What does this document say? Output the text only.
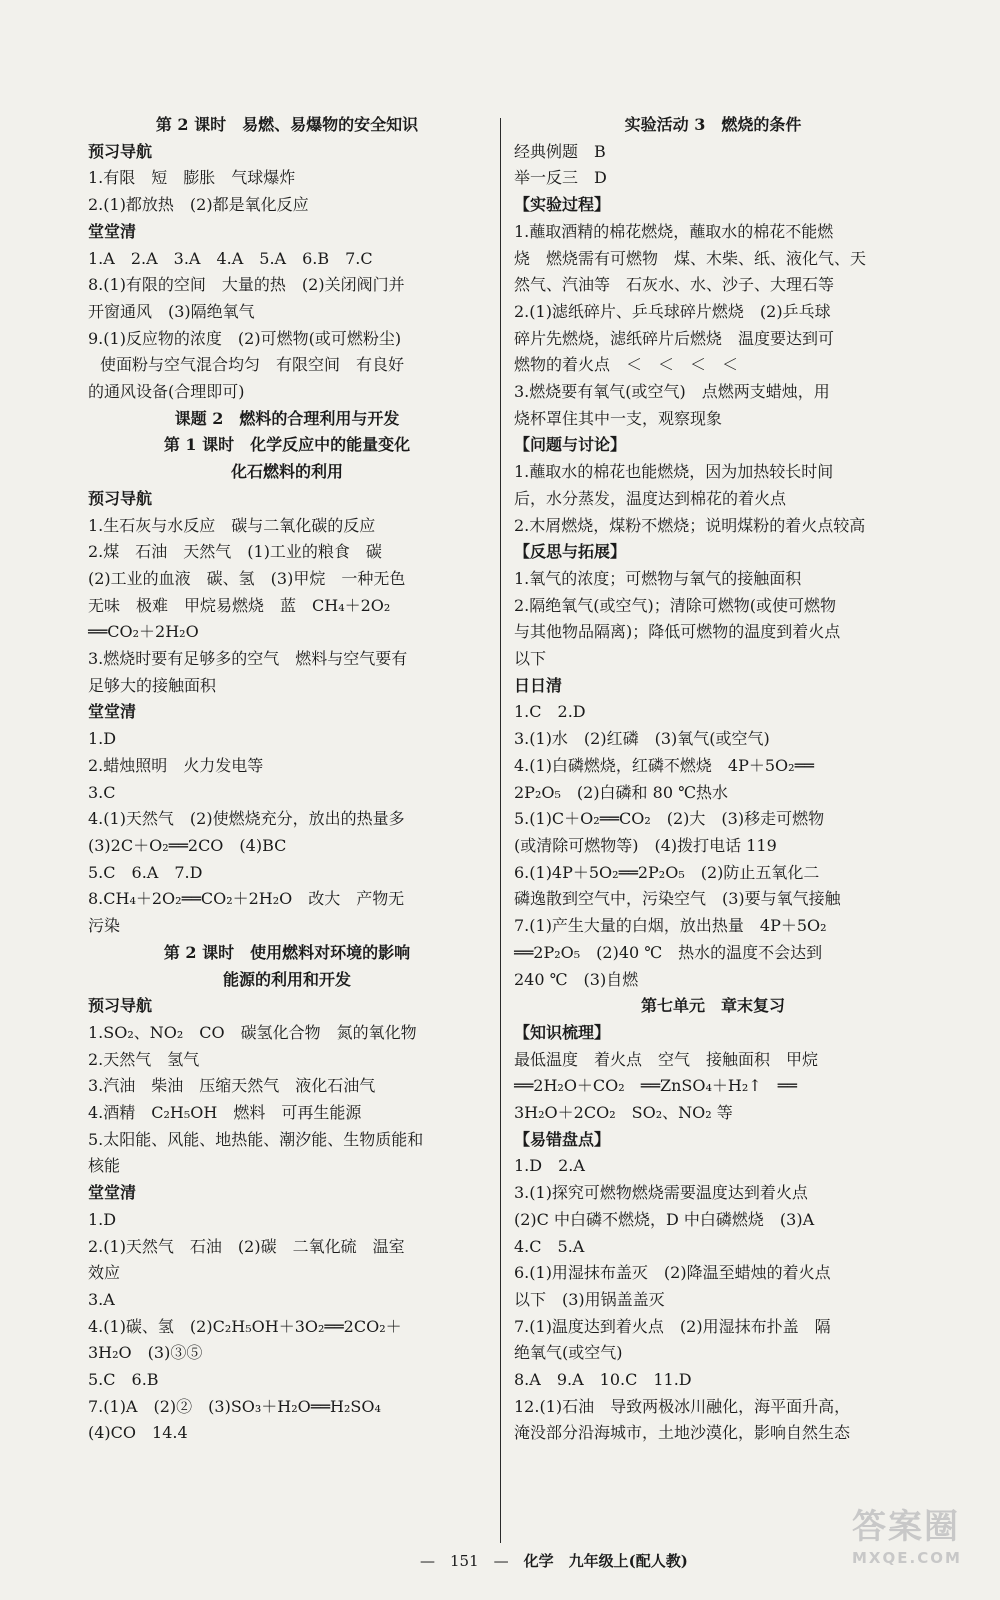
第 2 课时　易燃、易爆物的安全知识
预习导航
1.有限　短　膨胀　气球爆炸
2.(1)都放热　(2)都是氧化反应
堂堂清
1.A　2.A　3.A　4.A　5.A　6.B　7.C
8.(1)有限的空间　大量的热　(2)关闭阀门并
开窗通风　(3)隔绝氧气
9.(1)反应物的浓度　(2)可燃物(或可燃粉尘)
使面粉与空气混合均匀　有限空间　有良好
的通风设备(合理即可)
课题 2　燃料的合理利用与开发
第 1 课时　化学反应中的能量变化
化石燃料的利用
预习导航
1.生石灰与水反应　碳与二氧化碳的反应
2.煤　石油　天然气　(1)工业的粮食　碳
(2)工业的血液　碳、氢　(3)甲烷　一种无色
无味　极难　甲烷易燃烧　蓝　CH₄＋2O₂
══CO₂＋2H₂O
3.燃烧时要有足够多的空气　燃料与空气要有
足够大的接触面积
堂堂清
1.D
2.蜡烛照明　火力发电等
3.C
4.(1)天然气　(2)使燃烧充分，放出的热量多
(3)2C＋O₂══2CO　(4)BC
5.C　6.A　7.D
8.CH₄＋2O₂══CO₂＋2H₂O　改大　产物无
污染
第 2 课时　使用燃料对环境的影响
能源的利用和开发
预习导航
1.SO₂、NO₂　CO　碳氢化合物　氮的氧化物
2.天然气　氢气
3.汽油　柴油　压缩天然气　液化石油气
4.酒精　C₂H₅OH　燃料　可再生能源
5.太阳能、风能、地热能、潮汐能、生物质能和
核能
堂堂清
1.D
2.(1)天然气　石油　(2)碳　二氧化硫　温室
效应
3.A
4.(1)碳、氢　(2)C₂H₅OH＋3O₂══2CO₂＋
3H₂O　(3)③⑤
5.C　6.B
7.(1)A　(2)②　(3)SO₃＋H₂O══H₂SO₄
(4)CO　14.4
实验活动 3　燃烧的条件
经典例题　B
举一反三　D
【实验过程】
1.蘸取酒精的棉花燃烧，蘸取水的棉花不能燃
烧　燃烧需有可燃物　煤、木柴、纸、液化气、天
然气、汽油等　石灰水、水、沙子、大理石等
2.(1)滤纸碎片、乒乓球碎片燃烧　(2)乒乓球
碎片先燃烧，滤纸碎片后燃烧　温度要达到可
燃物的着火点　＜　＜　＜　＜
3.燃烧要有氧气(或空气)　点燃两支蜡烛，用
烧杯罩住其中一支，观察现象
【问题与讨论】
1.蘸取水的棉花也能燃烧，因为加热较长时间
后，水分蒸发，温度达到棉花的着火点
2.木屑燃烧，煤粉不燃烧；说明煤粉的着火点较高
【反思与拓展】
1.氧气的浓度；可燃物与氧气的接触面积
2.隔绝氧气(或空气)；清除可燃物(或使可燃物
与其他物品隔离)；降低可燃物的温度到着火点
以下
日日清
1.C　2.D
3.(1)水　(2)红磷　(3)氧气(或空气)
4.(1)白磷燃烧，红磷不燃烧　4P＋5O₂══
2P₂O₅　(2)白磷和 80 ℃热水
5.(1)C＋O₂══CO₂　(2)大　(3)移走可燃物
(或清除可燃物等)　(4)拨打电话 119
6.(1)4P＋5O₂══2P₂O₅　(2)防止五氧化二
磷逸散到空气中，污染空气　(3)要与氧气接触
7.(1)产生大量的白烟，放出热量　4P＋5O₂
══2P₂O₅　(2)40 ℃　热水的温度不会达到
240 ℃　(3)自燃
第七单元　章末复习
【知识梳理】
最低温度　着火点　空气　接触面积　甲烷
══2H₂O＋CO₂　══ZnSO₄＋H₂↑　══
3H₂O＋2CO₂　SO₂、NO₂ 等
【易错盘点】
1.D　2.A
3.(1)探究可燃物燃烧需要温度达到着火点
(2)C 中白磷不燃烧，D 中白磷燃烧　(3)A
4.C　5.A
6.(1)用湿抹布盖灭　(2)降温至蜡烛的着火点
以下　(3)用锅盖盖灭
7.(1)温度达到着火点　(2)用湿抹布扑盖　隔
绝氧气(或空气)
8.A　9.A　10.C　11.D
12.(1)石油　导致两极冰川融化，海平面升高，
淹没部分沿海城市，土地沙漠化，影响自然生态
—　151　—　 化学　九年级上(配人教)
答案圈
MXQE.COM
